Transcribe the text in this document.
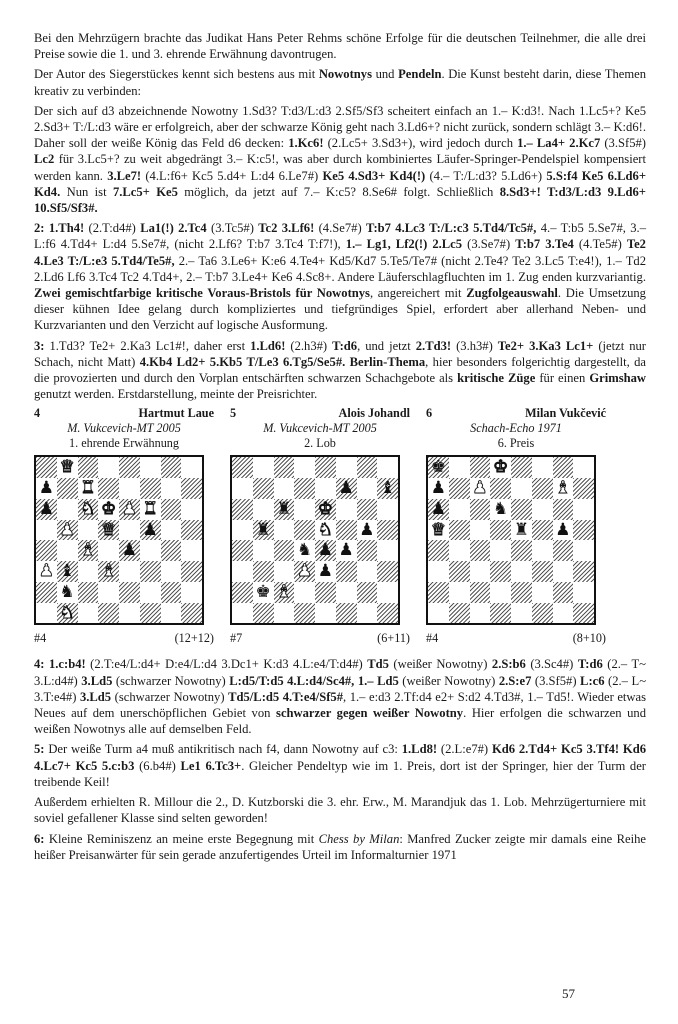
Bei den Mehrzügern brachte das Judikat Hans Peter Rehms schöne Erfolge für die deutschen Teilnehmer, die alle drei Preise sowie die 1. und 3. ehrende Erwähnung davontrugen.

Der Autor des Siegerstückes kennt sich bestens aus mit Nowotnys und Pendeln. Die Kunst besteht darin, diese Themen kreativ zu verbinden:

Der sich auf d3 abzeichnende Nowotny 1.Sd3? T:d3/L:d3 2.Sf5/Sf3 scheitert einfach an 1.– K:d3!. Nach 1.Lc5+? Ke5 2.Sd3+ T:/L:d3 wäre er erfolgreich, aber der schwarze König geht nach 3.Ld6+? nicht zurück, sondern schlägt 3.– K:d6!. Daher soll der weiße König das Feld d6 decken: 1.Kc6! (2.Lc5+ 3.Sd3+), wird jedoch durch 1.– La4+ 2.Kc7 (3.Sf5#) Lc2 für 3.Lc5+? zu weit abgedrängt 3.– K:c5!, was aber durch kombiniertes Läufer-Springer-Pendelspiel kompensiert werden kann. 3.Le7! (4.L:f6+ Kc5 5.d4+ L:d4 6.Le7#) Ke5 4.Sd3+ Kd4(!) (4.– T:/L:d3? 5.Ld6+) 5.S:f4 Ke5 6.Ld6+ Kd4. Nun ist 7.Lc5+ Ke5 möglich, da jetzt auf 7.– K:c5? 8.Se6# folgt. Schließlich 8.Sd3+! T:d3/L:d3 9.Ld6+ 10.Sf5/Sf3#.

2: 1.Th4! (2.T:d4#) La1(!) 2.Tc4 (3.Tc5#) Tc2 3.Lf6! (4.Se7#) T:b7 4.Lc3 T:/L:c3 5.Td4/Tc5#, 4.– T:b5 5.Se7#, 3.– L:f6 4.Td4+ L:d4 5.Se7#, (nicht 2.Lf6? T:b7 3.Tc4 T:f7!), 1.– Lg1, Lf2(!) 2.Lc5 (3.Se7#) T:b7 3.Te4 (4.Te5#) Te2 4.Le3 T:/L:e3 5.Td4/Te5#, 2.– Ta6 3.Le6+ K:e6 4.Te4+ Kd5/Kd7 5.Te5/Te7# (nicht 2.Te4? Te2 3.Lc5 T:e4!), 1.– Td2 2.Ld6 Lf6 3.Tc4 Tc2 4.Td4+, 2.– T:b7 3.Le4+ Ke6 4.Sc8+. Andere Läuferschlagfluchten im 1. Zug enden kurzvariantig. Zwei gemischtfarbige kritische Voraus-Bristols für Nowotnys, angereichert mit Zugfolgeauswahl. Die Umsetzung dieser kühnen Idee gelang durch kompliziertes und tiefgründiges Spiel, erfordert aber allerhand Neben- und Kurzvarianten und den Verzicht auf logische Ausformung.

3: 1.Td3? Te2+ 2.Ka3 Lc1#!, daher erst 1.Ld6! (2.h3#) T:d6, und jetzt 2.Td3! (3.h3#) Te2+ 3.Ka3 Lc1+ (jetzt nur Schach, nicht Matt) 4.Kb4 Ld2+ 5.Kb5 T/Le3 6.Tg5/Se5#. Berlin-Thema, hier besonders folgerichtig dargestellt, da die provozierten und durch den Vorplan entschärften schwarzen Schachgebote als kritische Züge für einen Grimshaw genutzt werden. Erstdarstellung, meinte der Preisrichter.

4	Hartmut Laue
M. Vukcevich-MT 2005
1. ehrende Erwähnung
♛
♟ ♜
♟ ♞ ♚ ♟ ♜
♟ ♛ ♟
♝ ♟
♟ ♝ ♝
♞
♞
#4	(12+12)
5	Alois Johandl
M. Vukcevich-MT 2005
2. Lob
♟ ♝
♜ ♚
♜	♞ ♟
♞ ♟ ♟
♟ ♟
♚ ♝
#7	(6+11)
6	Milan Vukčević
Schach-Echo 1971
6. Preis
♚	♚
♟ ♟	♝
♟	♞
♛	♜ ♟
#4	(8+10)

4: 1.c:b4! (2.T:e4/L:d4+ D:e4/L:d4 3.Dc1+ K:d3 4.L:e4/T:d4#) Td5 (weißer Nowotny) 2.S:b6 (3.Sc4#) T:d6 (2.– T~ 3.L:d4#) 3.Ld5 (schwarzer Nowotny) L:d5/T:d5 4.L:d4/Sc4#, 1.– Ld5 (weißer Nowotny) 2.S:e7 (3.Sf5#) L:c6 (2.– L~ 3.T:e4#) 3.Ld5 (schwarzer Nowotny) Td5/L:d5 4.T:e4/Sf5#, 1.– e:d3 2.Tf:d4 e2+ S:d2 4.Td3#, 1.– Td5!. Wieder etwas Neues auf dem unerschöpflichen Gebiet von schwarzer gegen weißer Nowotny. Hier erfolgen die schwarzen und weißen Nowotnys alle auf demselben Feld.

5: Der weiße Turm a4 muß antikritisch nach f4, dann Nowotny auf c3: 1.Ld8! (2.L:e7#) Kd6 2.Td4+ Kc5 3.Tf4! Kd6 4.Lc7+ Kc5 5.c:b3 (6.b4#) Le1 6.Tc3+. Gleicher Pendeltyp wie im 1. Preis, dort ist der Springer, hier der Turm der treibende Keil!

Außerdem erhielten R. Millour die 2., D. Kutzborski die 3. ehr. Erw., M. Marandjuk das 1. Lob. Mehrzügerturniere mit soviel gefallener Klasse sind selten geworden!

6: Kleine Reminiszenz an meine erste Begegnung mit Chess by Milan: Manfred Zucker zeigte mir damals eine Reihe heißer Preisanwärter für sein gerade anzufertigendes Urteil im Informalturnier 1971

57
